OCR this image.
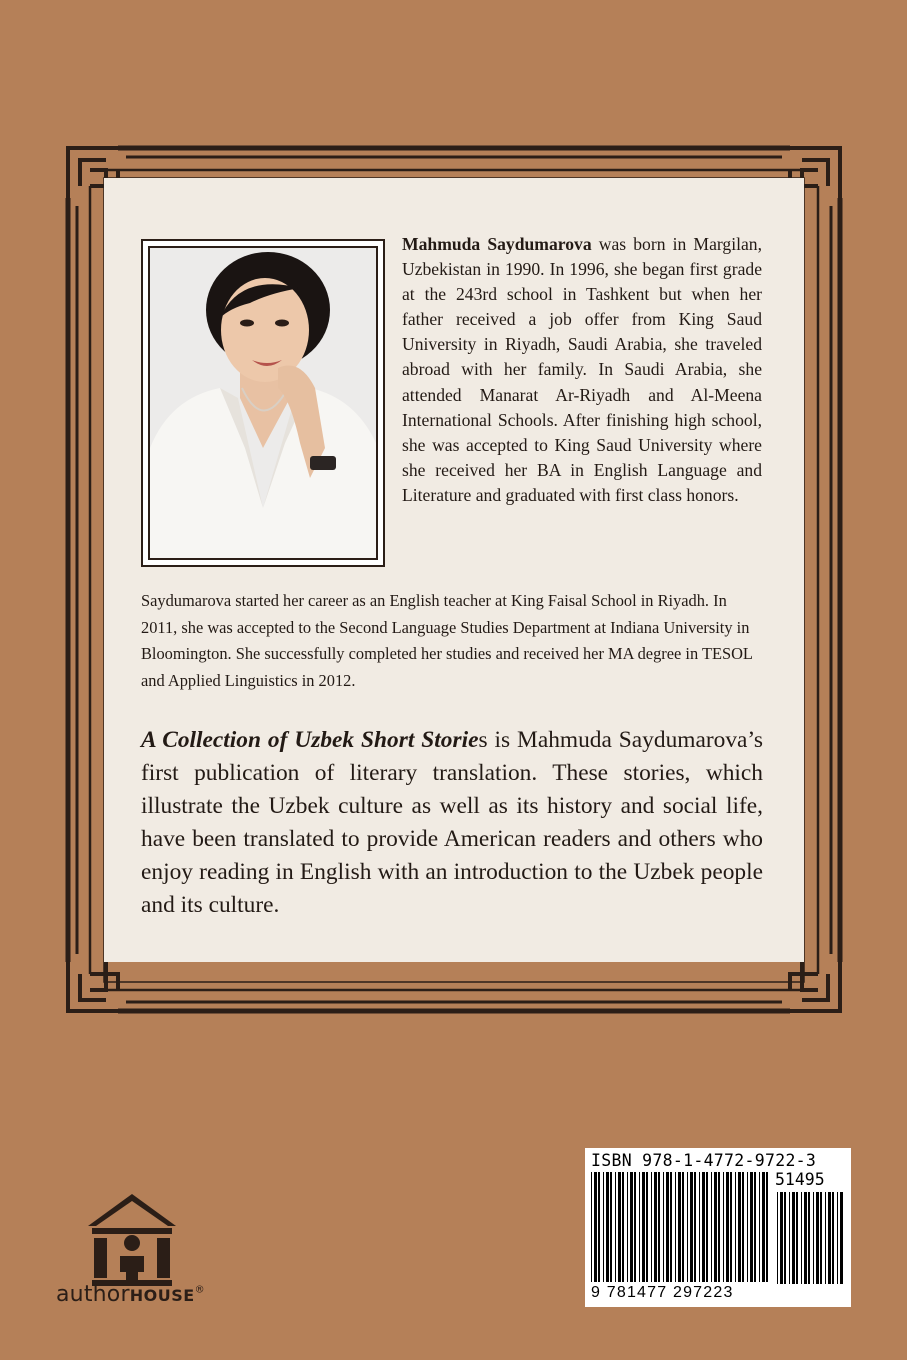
Mahmuda Saydumarova was born in Margilan, Uzbekistan in 1990. In 1996, she began first grade at the 243rd school in Tashkent but when her father received a job offer from King Saud University in Riyadh, Saudi Arabia, she traveled abroad with her family. In Saudi Arabia, she attended Manarat Ar-Riyadh and Al-Meena International Schools. After finishing high school, she was accepted to King Saud University where she received her BA in English Language and Literature and graduated with first class honors.

Saydumarova started her career as an English teacher at King Faisal School in Riyadh. In 2011, she was accepted to the Second Language Studies Department at Indiana University in Bloomington. She successfully completed her studies and received her MA degree in TESOL and Applied Linguistics in 2012.

A Collection of Uzbek Short Stories is Mahmuda Saydumarova’s first publication of literary translation. These stories, which illustrate the Uzbek culture as well as its history and social life, have been translated to provide American readers and others who enjoy reading in English with an introduction to the Uzbek people and its culture.

authorHOUSE®
ISBN 978-1-4772-9722-3
51495
9 781477 297223
